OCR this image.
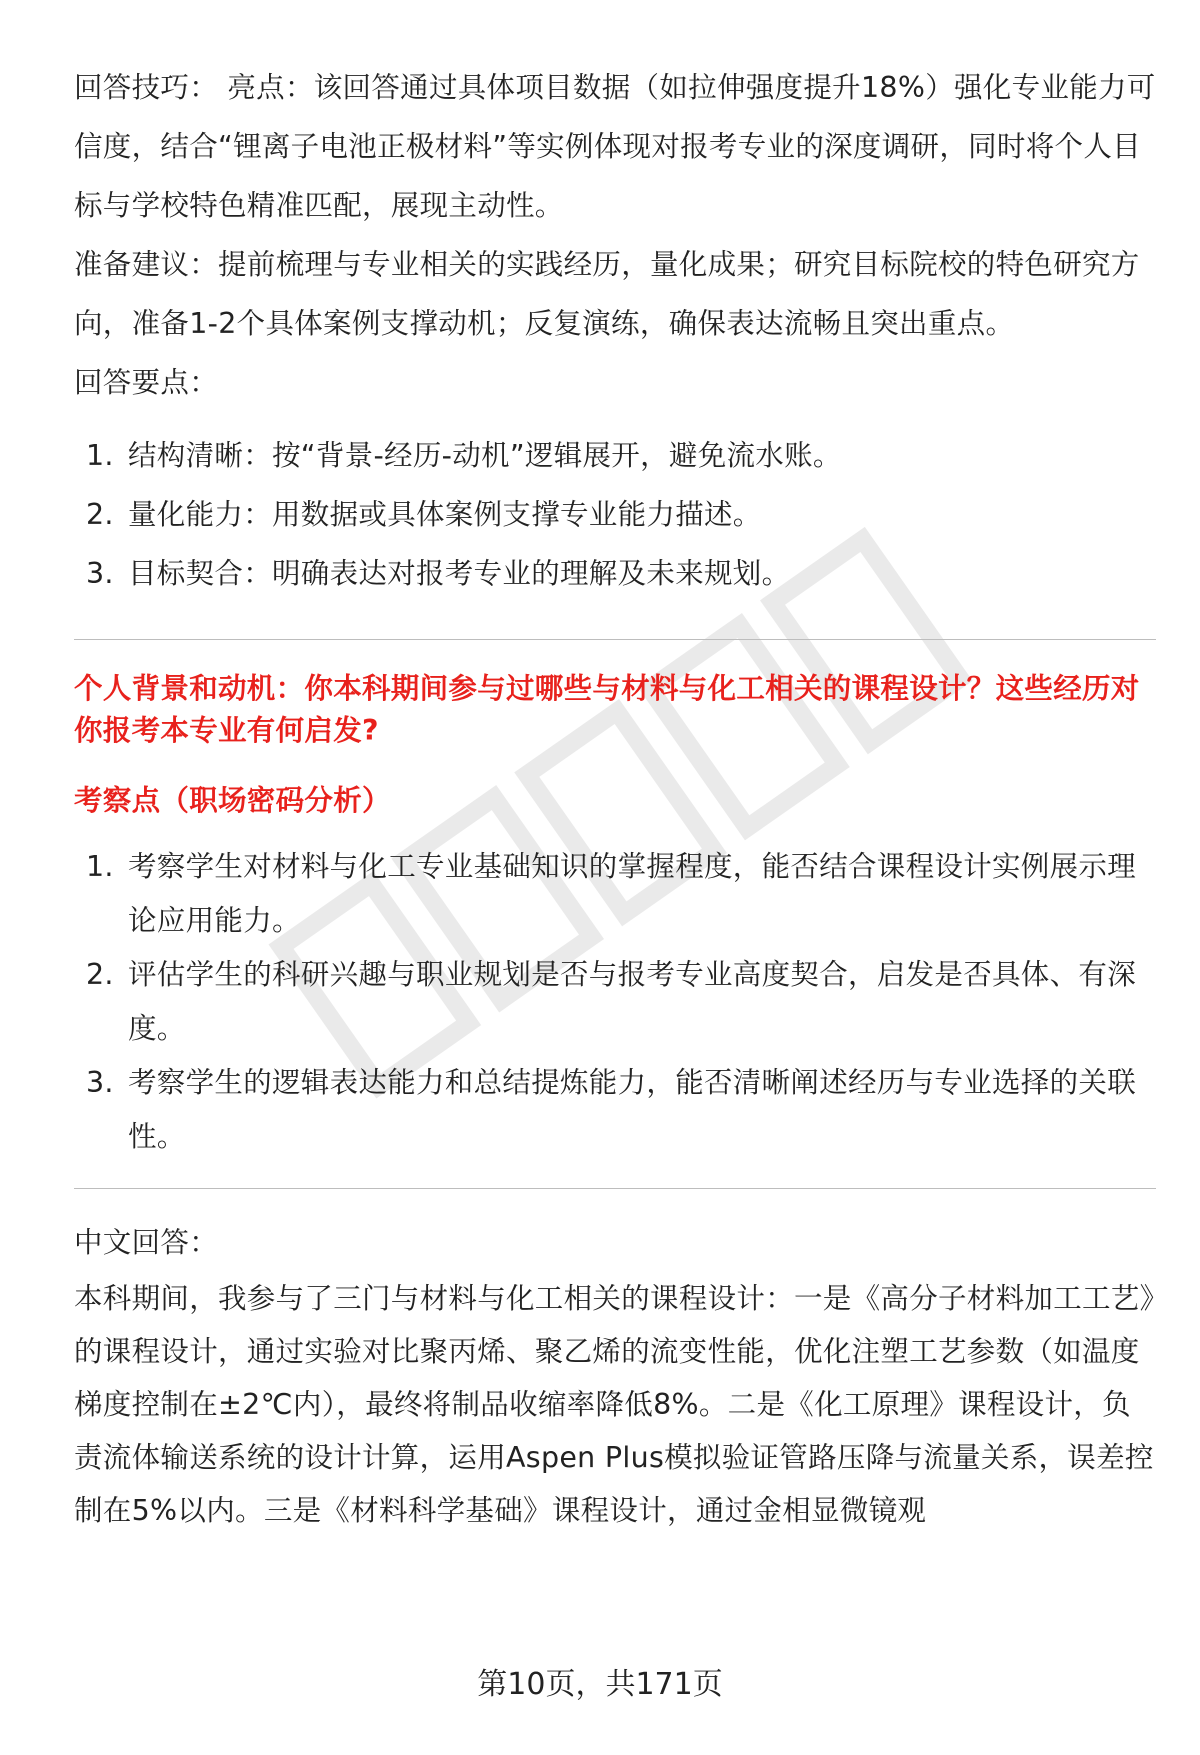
回答技巧： 亮点：该回答通过具体项目数据（如拉伸强度提升18%）强化专业能力可信度，结合“锂离子电池正极材料”等实例体现对报考专业的深度调研，同时将个人目标与学校特色精准匹配，展现主动性。

准备建议：提前梳理与专业相关的实践经历，量化成果；研究目标院校的特色研究方向，准备1-2个具体案例支撑动机；反复演练，确保表达流畅且突出重点。

回答要点：

1. 结构清晰：按“背景-经历-动机”逻辑展开，避免流水账。
2. 量化能力：用数据或具体案例支撑专业能力描述。
3. 目标契合：明确表达对报考专业的理解及未来规划。

个人背景和动机：你本科期间参与过哪些与材料与化工相关的课程设计？这些经历对你报考本专业有何启发?

考察点（职场密码分析）

1. 考察学生对材料与化工专业基础知识的掌握程度，能否结合课程设计实例展示理论应用能力。
2. 评估学生的科研兴趣与职业规划是否与报考专业高度契合，启发是否具体、有深度。
3. 考察学生的逻辑表达能力和总结提炼能力，能否清晰阐述经历与专业选择的关联性。

中文回答：

本科期间，我参与了三门与材料与化工相关的课程设计：一是《高分子材料加工工艺》的课程设计，通过实验对比聚丙烯、聚乙烯的流变性能，优化注塑工艺参数（如温度梯度控制在±2℃内），最终将制品收缩率降低8%。二是《化工原理》课程设计，负责流体输送系统的设计计算，运用Aspen Plus模拟验证管路压降与流量关系，误差控制在5%以内。三是《材料科学基础》课程设计，通过金相显微镜观

第10页，共171页
